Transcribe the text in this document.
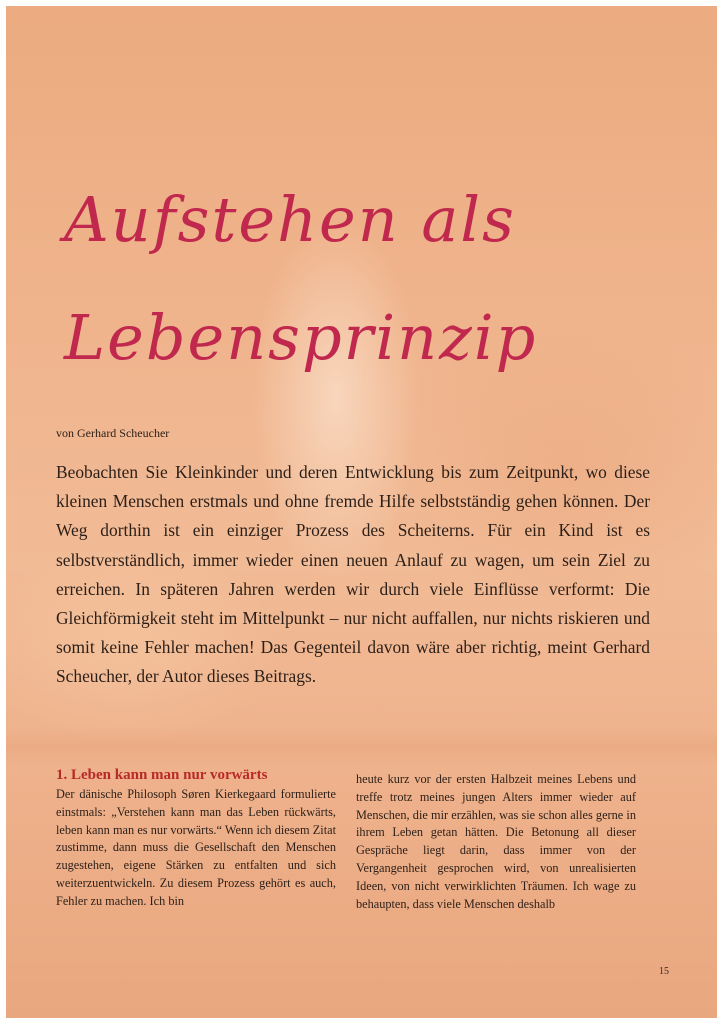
Aufstehen als
Lebensprinzip
von Gerhard Scheucher

Beobachten Sie Kleinkinder und deren Entwicklung bis zum Zeitpunkt, wo diese kleinen Menschen erstmals und ohne fremde Hilfe selbstständig gehen können. Der Weg dorthin ist ein einziger Prozess des Scheiterns. Für ein Kind ist es selbstverständlich, immer wieder einen neuen Anlauf zu wagen, um sein Ziel zu erreichen. In späteren Jahren werden wir durch viele Einflüsse verformt: Die Gleichförmigkeit steht im Mittelpunkt – nur nicht auffallen, nur nichts riskieren und somit keine Fehler machen! Das Gegenteil davon wäre aber richtig, meint Gerhard Scheucher, der Autor dieses Beitrags.

1. Leben kann man nur vorwärts

Der dänische Philosoph Søren Kierkegaard formulierte einstmals: „Verstehen kann man das Leben rückwärts, leben kann man es nur vorwärts.“ Wenn ich diesem Zitat zustimme, dann muss die Gesellschaft den Menschen zugestehen, eigene Stärken zu entfalten und sich weiterzuentwickeln. Zu diesem Prozess gehört es auch, Fehler zu machen. Ich bin

heute kurz vor der ersten Halbzeit meines Lebens und treffe trotz meines jungen Alters immer wieder auf Menschen, die mir erzählen, was sie schon alles gerne in ihrem Leben getan hätten. Die Betonung all dieser Gespräche liegt darin, dass immer von der Vergangenheit gesprochen wird, von unrealisierten Ideen, von nicht verwirklichten Träumen. Ich wage zu behaupten, dass viele Menschen deshalb

15
